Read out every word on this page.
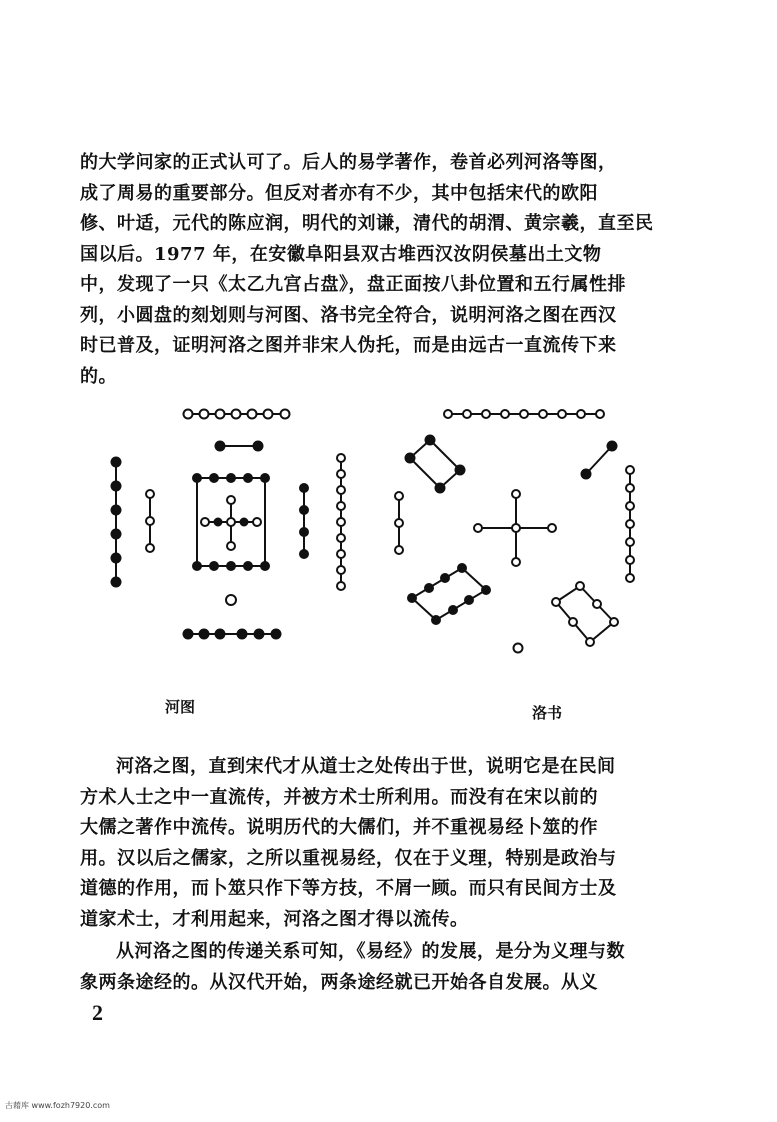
的大学问家的正式认可了。后人的易学著作，卷首必列河洛等图，
成了周易的重要部分。但反对者亦有不少，其中包括宋代的欧阳
修、叶适，元代的陈应润，明代的刘谦，清代的胡渭、黄宗羲，直至民
国以后。1977 年，在安徽阜阳县双古堆西汉汝阴侯墓出土文物
中，发现了一只《太乙九宫占盘》，盘正面按八卦位置和五行属性排
列，小圆盘的刻划则与河图、洛书完全符合，说明河洛之图在西汉
时已普及，证明河洛之图并非宋人伪托，而是由远古一直流传下来
的。
河图	洛书
河洛之图，直到宋代才从道士之处传出于世，说明它是在民间
方术人士之中一直流传，并被方术士所利用。而没有在宋以前的
大儒之著作中流传。说明历代的大儒们，并不重视易经卜筮的作
用。汉以后之儒家，之所以重视易经，仅在于义理，特别是政治与
道德的作用，而卜筮只作下等方技，不屑一顾。而只有民间方士及
道家术士，才利用起来，河洛之图才得以流传。
从河洛之图的传递关系可知，《易经》的发展，是分为义理与数
象两条途经的。从汉代开始，两条途经就已开始各自发展。从义
2
古藉库 www.fozh7920.com
